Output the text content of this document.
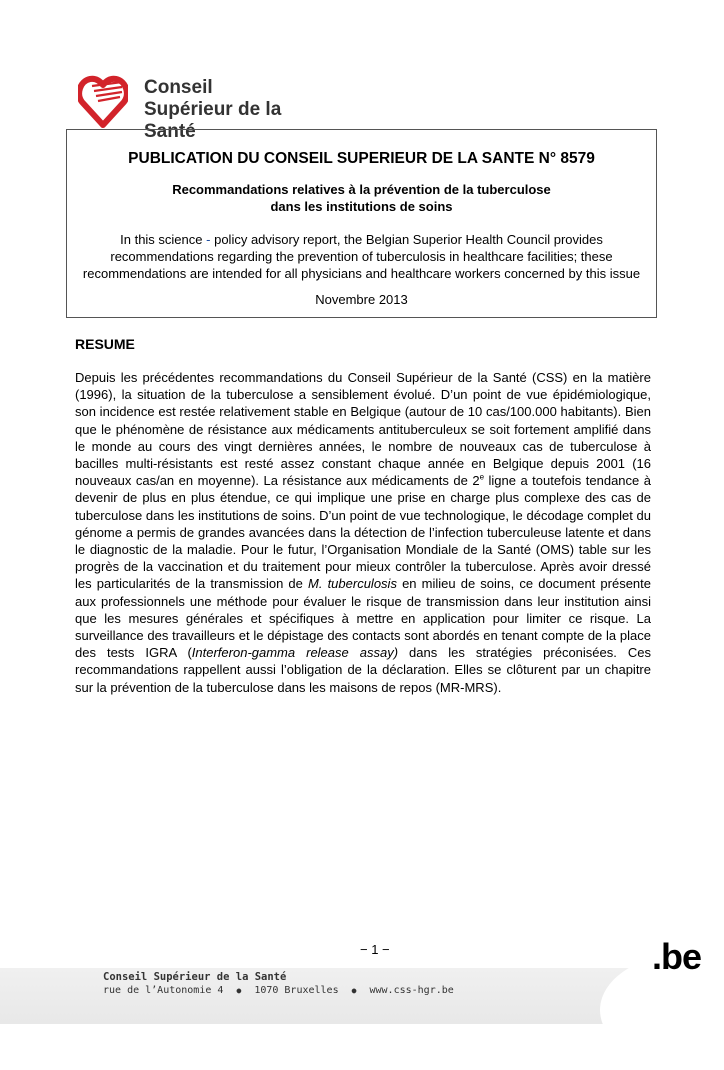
Conseil
Supérieur de la Santé
PUBLICATION DU CONSEIL SUPERIEUR DE LA SANTE N° 8579
Recommandations relatives à la prévention de la tuberculose
dans les institutions de soins
In this science - policy advisory report, the Belgian Superior Health Council provides
recommendations regarding the prevention of tuberculosis in healthcare facilities; these
recommendations are intended for all physicians and healthcare workers concerned by this issue
Novembre 2013
RESUME
Depuis les précédentes recommandations du Conseil Supérieur de la Santé (CSS) en la matière (1996), la situation de la tuberculose a sensiblement évolué. D’un point de vue épidémiologique, son incidence est restée relativement stable en Belgique (autour de 10 cas/100.000 habitants). Bien que le phénomène de résistance aux médicaments antituberculeux se soit fortement amplifié dans le monde au cours des vingt dernières années, le nombre de nouveaux cas de tuberculose à bacilles multi-résistants est resté assez constant chaque année en Belgique depuis 2001 (16 nouveaux cas/an en moyenne). La résistance aux médicaments de 2e ligne a toutefois tendance à devenir de plus en plus étendue, ce qui implique une prise en charge plus complexe des cas de tuberculose dans les institutions de soins. D’un point de vue technologique, le décodage complet du génome a permis de grandes avancées dans la détection de l’infection tuberculeuse latente et dans le diagnostic de la maladie. Pour le futur, l’Organisation Mondiale de la Santé (OMS) table sur les progrès de la vaccination et du traitement pour mieux contrôler la tuberculose. Après avoir dressé les particularités de la transmission de M. tuberculosis en milieu de soins, ce document présente aux professionnels une méthode pour évaluer le risque de transmission dans leur institution ainsi que les mesures générales et spécifiques à mettre en application pour limiter ce risque. La surveillance des travailleurs et le dépistage des contacts sont abordés en tenant compte de la place des tests IGRA (Interferon-gamma release assay) dans les stratégies préconisées. Ces recommandations rappellent aussi l’obligation de la déclaration. Elles se clôturent par un chapitre sur la prévention de la tuberculose dans les maisons de repos (MR-MRS).
− 1 −
Conseil Supérieur de la Santé
rue de l’Autonomie 4 ● 1070 Bruxelles ● www.css-hgr.be
.be
